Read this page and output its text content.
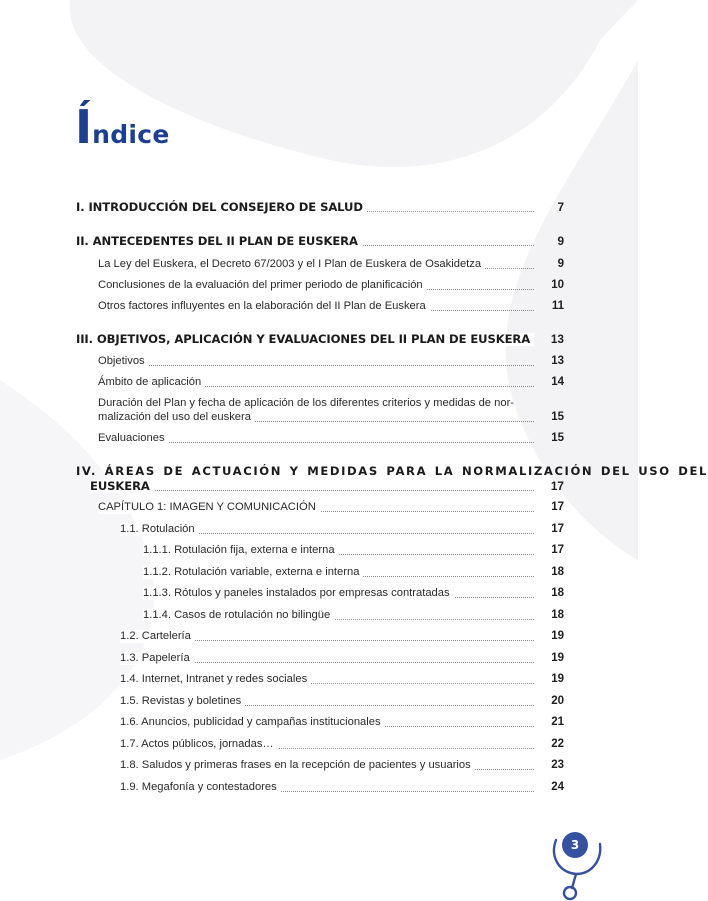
Índice
I. INTRODUCCIÓN DEL CONSEJERO DE SALUD	7
II. ANTECEDENTES DEL II PLAN DE EUSKERA	9
La Ley del Euskera, el Decreto 67/2003 y el I Plan de Euskera de Osakidetza	9
Conclusiones de la evaluación del primer periodo de planificación	10
Otros factores influyentes en la elaboración del II Plan de Euskera	11
III. OBJETIVOS, APLICACIÓN Y EVALUACIONES DEL II PLAN DE EUSKERA	13
Objetivos	13
Ámbito de aplicación	14
Duración del Plan y fecha de aplicación de los diferentes criterios y medidas de nor-
malización del uso del euskera	15
Evaluaciones	15
IV. ÁREAS DE ACTUACIÓN Y MEDIDAS PARA LA NORMALIZACIÓN DEL USO DEL
EUSKERA	17
CAPÍTULO 1: IMAGEN Y COMUNICACIÓN	17
1.1. Rotulación	17
1.1.1. Rotulación fija, externa e interna	17
1.1.2. Rotulación variable, externa e interna	18
1.1.3. Rótulos y paneles instalados por empresas contratadas	18
1.1.4. Casos de rotulación no bilingüe	18
1.2. Cartelería	19
1.3. Papelería	19
1.4. Internet, Intranet y redes sociales	19
1.5. Revistas y boletines	20
1.6. Anuncios, publicidad y campañas institucionales	21
1.7. Actos públicos, jornadas…	22
1.8. Saludos y primeras frases en la recepción de pacientes y usuarios	23
1.9. Megafonía y contestadores	24
3
